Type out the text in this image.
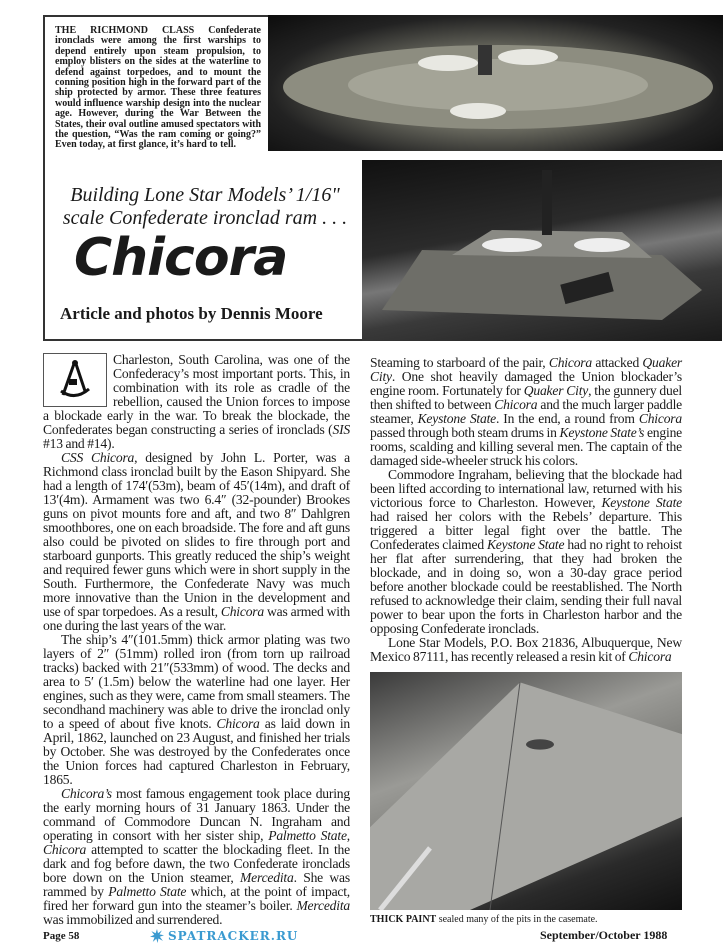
THE RICHMOND CLASS Confederate ironclads were among the first warships to depend entirely upon steam propulsion, to employ blisters on the sides at the waterline to defend against torpedoes, and to mount the conning position high in the forward part of the ship protected by armor. These three features would influence warship design into the nuclear age. However, during the War Between the States, their oval outline amused spectators with the question, “Was the ram coming or going?” Even today, at first glance, it’s hard to tell.
Building Lone Star Models’ 1/16" scale Confederate ironclad ram . . .
Chicora
Article and photos by Dennis Moore

Charleston, South Carolina, was one of the Confederacy’s most important ports. This, in combination with its role as cradle of the rebellion, caused the Union forces to impose a blockade early in the war. To break the blockade, the Confederates began constructing a series of ironclads (SIS #13 and #14).

CSS Chicora, designed by John L. Porter, was a Richmond class ironclad built by the Eason Shipyard. She had a length of 174′(53m), beam of 45′(14m), and draft of 13′(4m). Armament was two 6.4″ (32-pounder) Brookes guns on pivot mounts fore and aft, and two 8″ Dahlgren smoothbores, one on each broadside. The fore and aft guns also could be pivoted on slides to fire through port and starboard gunports. This greatly reduced the ship’s weight and required fewer guns which were in short supply in the South. Furthermore, the Confederate Navy was much more innovative than the Union in the development and use of spar torpedoes. As a result, Chicora was armed with one during the last years of the war.

The ship’s 4″(101.5mm) thick armor plating was two layers of 2″ (51mm) rolled iron (from torn up railroad tracks) backed with 21″(533mm) of wood. The decks and area to 5′ (1.5m) below the waterline had one layer. Her engines, such as they were, came from small steamers. The secondhand machinery was able to drive the ironclad only to a speed of about five knots. Chicora as laid down in April, 1862, launched on 23 August, and finished her trials by October. She was destroyed by the Confederates once the Union forces had captured Charleston in February, 1865.

Chicora’s most famous engagement took place during the early morning hours of 31 January 1863. Under the command of Commodore Duncan N. Ingraham and operating in consort with her sister ship, Palmetto State, Chicora attempted to scatter the blockading fleet. In the dark and fog before dawn, the two Confederate ironclads bore down on the Union steamer, Mercedita. She was rammed by Palmetto State which, at the point of impact, fired her forward gun into the steamer’s boiler. Mercedita was immobilized and surrendered.

Page 58

Steaming to starboard of the pair, Chicora attacked Quaker City. One shot heavily damaged the Union blockader’s engine room. Fortunately for Quaker City, the gunnery duel then shifted to between Chicora and the much larger paddle steamer, Keystone State. In the end, a round from Chicora passed through both steam drums in Keystone State’s engine rooms, scalding and killing several men. The captain of the damaged side-wheeler struck his colors.

Commodore Ingraham, believing that the blockade had been lifted according to international law, returned with his victorious force to Charleston. However, Keystone State had raised her colors with the Rebels’ departure. This triggered a bitter legal fight over the battle. The Confederates claimed Keystone State had no right to rehoist her flat after surrendering, that they had broken the blockade, and in doing so, won a 30-day grace period before another blockade could be reestablished. The North refused to acknowledge their claim, sending their full naval power to bear upon the forts in Charleston harbor and the opposing Confederate ironclads.

Lone Star Models, P.O. Box 21836, Albuquerque, New Mexico 87111, has recently released a resin kit of Chicora

THICK PAINT sealed many of the pits in the casemate.
SPATRACKER.RU	September/October 1988
